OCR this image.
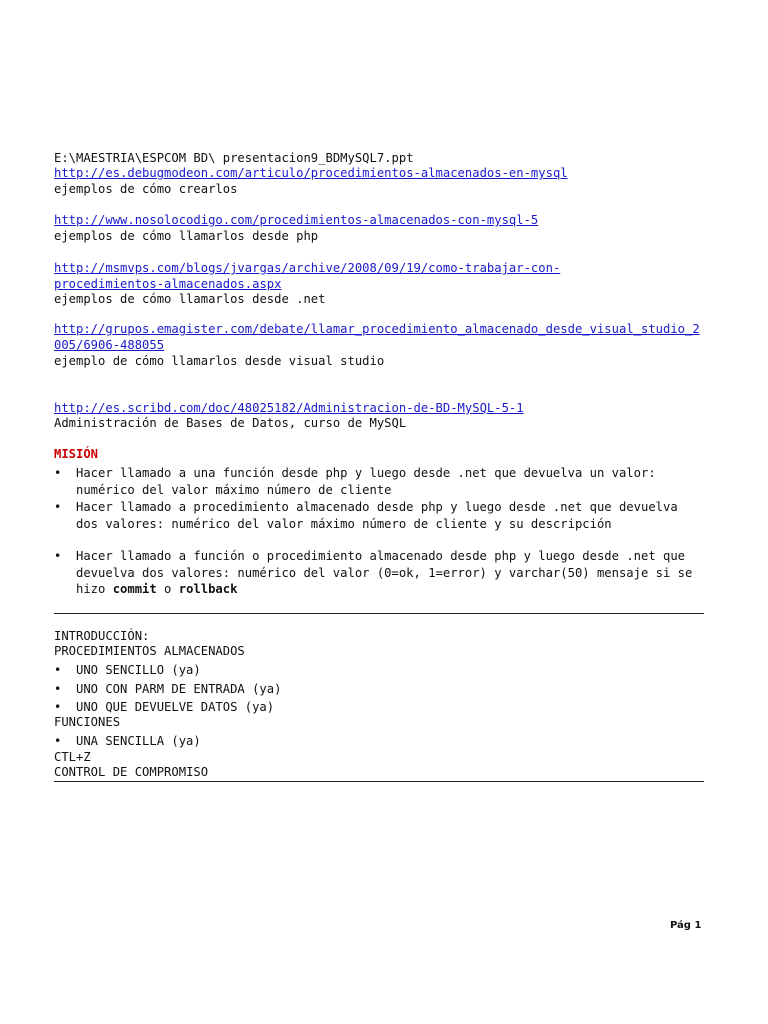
E:\MAESTRIA\ESPCOM BD\ presentacion9_BDMySQL7.ppt
http://es.debugmodeon.com/articulo/procedimientos-almacenados-en-mysql
ejemplos de cómo crearlos
http://www.nosolocodigo.com/procedimientos-almacenados-con-mysql-5
ejemplos de cómo llamarlos desde php
http://msmvps.com/blogs/jvargas/archive/2008/09/19/como-trabajar-con-procedimientos-almacenados.aspx
ejemplos de cómo llamarlos desde .net
http://grupos.emagister.com/debate/llamar_procedimiento_almacenado_desde_visual_studio_2005/6906-488055
ejemplo de cómo llamarlos desde visual studio
http://es.scribd.com/doc/48025182/Administracion-de-BD-MySQL-5-1
Administración de Bases de Datos, curso de MySQL
MISIÓN
• Hacer llamado a una función desde php y luego desde .net que devuelva un valor: numérico del valor máximo número de cliente
• Hacer llamado a procedimiento almacenado desde php y luego desde .net que devuelva dos valores: numérico del valor máximo número de cliente y su descripción
• Hacer llamado a función o procedimiento almacenado desde php y luego desde .net que devuelva dos valores: numérico del valor (0=ok, 1=error) y varchar(50) mensaje si se hizo commit o rollback
INTRODUCCIÓN:
PROCEDIMIENTOS ALMACENADOS
• UNO SENCILLO (ya)
• UNO CON PARM DE ENTRADA (ya)
• UNO QUE DEVUELVE DATOS (ya)
FUNCIONES
• UNA SENCILLA (ya)
CTL+Z
CONTROL DE COMPROMISO
Pág 1
